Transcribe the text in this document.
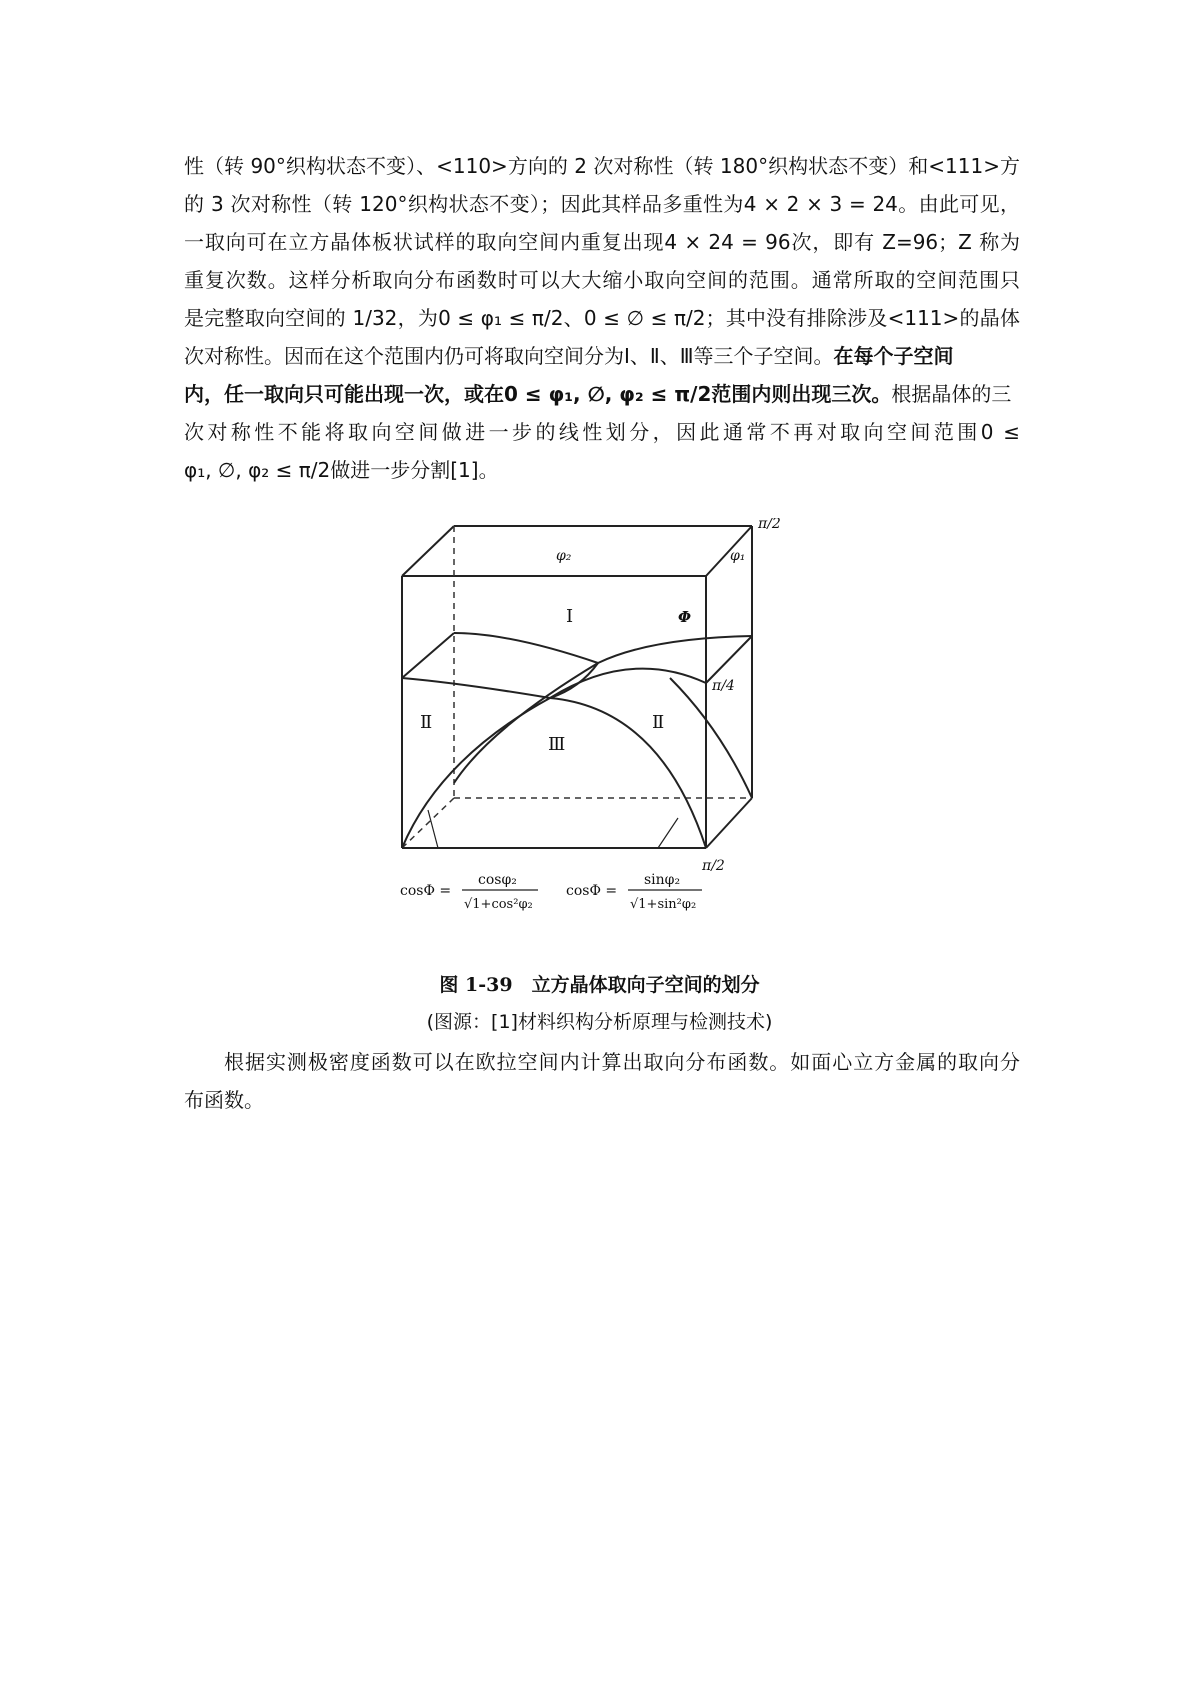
性（转 90°织构状态不变）、<110>方向的 2 次对称性（转 180°织构状态不变）和<111>方
的 3 次对称性（转 120°织构状态不变）；因此其样品多重性为4 × 2 × 3 = 24。由此可见，
一取向可在立方晶体板状试样的取向空间内重复出现4 × 24 = 96次，即有 Z=96；Z 称为
重复次数。这样分析取向分布函数时可以大大缩小取向空间的范围。通常所取的空间范围只
是完整取向空间的 1/32，为0 ≤ φ₁ ≤ π/2、0 ≤ ∅ ≤ π/2；其中没有排除涉及<111>的晶体
次对称性。因而在这个范围内仍可将取向空间分为Ⅰ、Ⅱ、Ⅲ等三个子空间。在每个子空间
内，任一取向只可能出现一次，或在0 ≤ φ₁, ∅, φ₂ ≤ π/2范围内则出现三次。根据晶体的三
次对称性不能将取向空间做进一步的线性划分，因此通常不再对取向空间范围0 ≤
φ₁, ∅, φ₂ ≤ π/2做进一步分割[1]。
π/2
φ₂	φ₁
Ⅰ	Φ
π/4
Ⅱ	Ⅱ
Ⅲ
π/2
cosΦ =
cosφ₂
√1+cos²φ₂
cosΦ =
sinφ₂
√1+sin²φ₂
图 1-39　立方晶体取向子空间的划分
(图源：[1]材料织构分析原理与检测技术)
根据实测极密度函数可以在欧拉空间内计算出取向分布函数。如面心立方金属的取向分
布函数。
